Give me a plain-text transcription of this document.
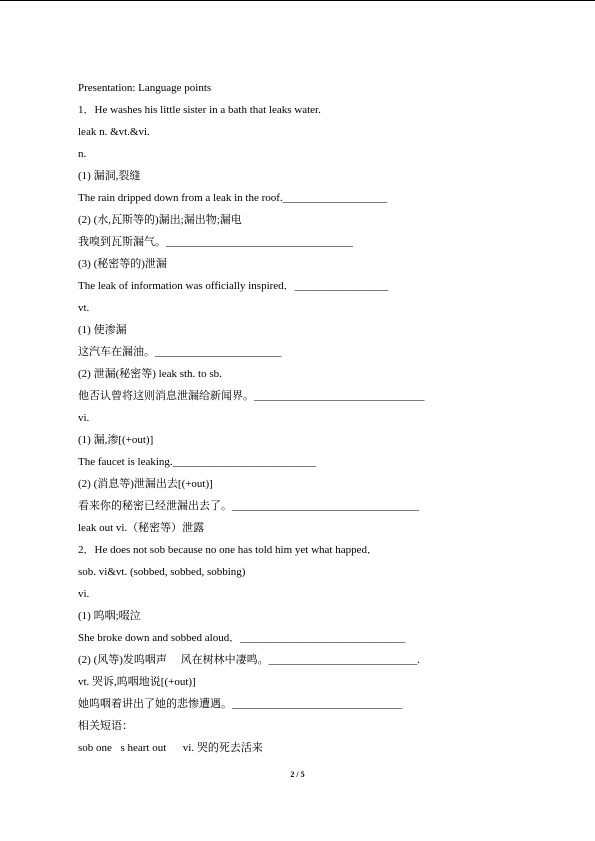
Presentation: Language points
1．He washes his little sister in a bath that leaks water.
leak n. &vt.&vi.
n.
(1) 漏洞,裂缝
The rain dripped down from a leak in the roof.___________________
(2) (水,瓦斯等的)漏出;漏出物;漏电
我嗅到瓦斯漏气。__________________________________
(3) (秘密等的)泄漏
The leak of information was officially inspired．_________________
vt.
(1) 使渗漏
这汽车在漏油。_______________________
(2) 泄漏(秘密等) leak sth. to sb.
他否认曾将这则消息泄漏给新闻界。_______________________________
vi.
(1) 漏,渗[(+out)]
The faucet is leaking.__________________________
(2) (消息等)泄漏出去[(+out)]
看来你的秘密已经泄漏出去了。__________________________________
leak out vi.（秘密等）泄露
2．He does not sob because no one has told him yet what happed．
sob. vi&vt. (sobbed, sobbed, sobbing)
vi.
(1) 呜咽;啜泣
She broke down and sobbed aloud．______________________________
(2) (风等)发呜咽声　 风在树林中凄鸣。___________________________.
vt. 哭诉,呜咽地说[(+out)]
她呜咽着讲出了她的悲惨遭遇。_______________________________
相关短语：
sob one s heart out　  vi. 哭的死去活来
2 / 5
